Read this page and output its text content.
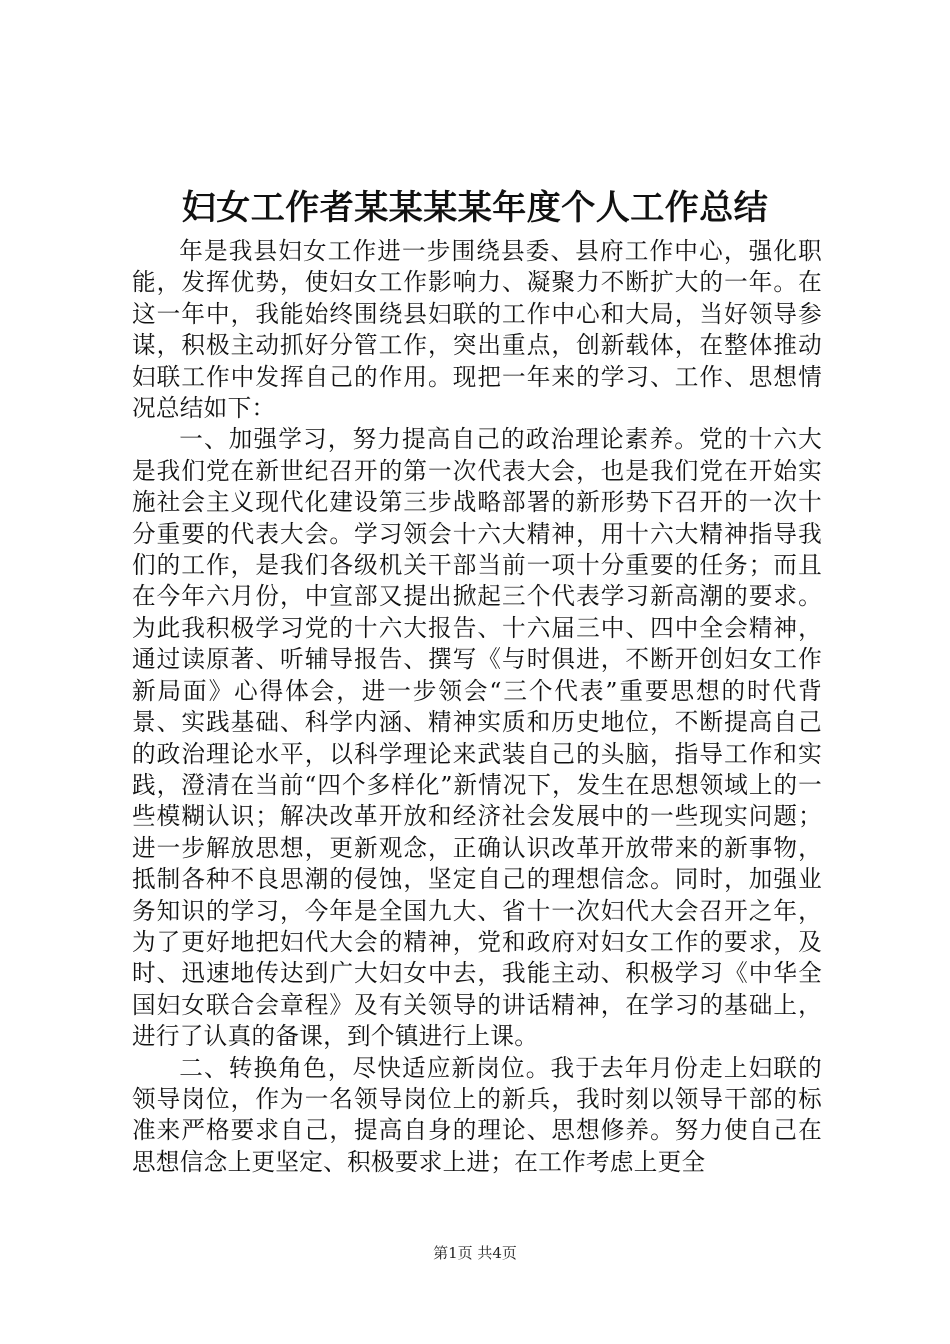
妇女工作者某某某某年度个人工作总结

年是我县妇女工作进一步围绕县委、县府工作中心，强化职能，发挥优势，使妇女工作影响力、凝聚力不断扩大的一年。在这一年中，我能始终围绕县妇联的工作中心和大局，当好领导参谋，积极主动抓好分管工作，突出重点，创新载体，在整体推动妇联工作中发挥自己的作用。现把一年来的学习、工作、思想情况总结如下：

一、加强学习，努力提高自己的政治理论素养。党的十六大是我们党在新世纪召开的第一次代表大会，也是我们党在开始实施社会主义现代化建设第三步战略部署的新形势下召开的一次十分重要的代表大会。学习领会十六大精神，用十六大精神指导我们的工作，是我们各级机关干部当前一项十分重要的任务；而且在今年六月份，中宣部又提出掀起三个代表学习新高潮的要求。为此我积极学习党的十六大报告、十六届三中、四中全会精神，通过读原著、听辅导报告、撰写《与时俱进，不断开创妇女工作新局面》心得体会，进一步领会“三个代表”重要思想的时代背景、实践基础、科学内涵、精神实质和历史地位，不断提高自己的政治理论水平，以科学理论来武装自己的头脑，指导工作和实践，澄清在当前“四个多样化”新情况下，发生在思想领域上的一些模糊认识；解决改革开放和经济社会发展中的一些现实问题；进一步解放思想，更新观念，正确认识改革开放带来的新事物，抵制各种不良思潮的侵蚀，坚定自己的理想信念。同时，加强业务知识的学习，今年是全国九大、省十一次妇代大会召开之年，为了更好地把妇代大会的精神，党和政府对妇女工作的要求，及时、迅速地传达到广大妇女中去，我能主动、积极学习《中华全国妇女联合会章程》及有关领导的讲话精神，在学习的基础上，进行了认真的备课，到个镇进行上课。

二、转换角色，尽快适应新岗位。我于去年月份走上妇联的领导岗位，作为一名领导岗位上的新兵，我时刻以领导干部的标准来严格要求自己，提高自身的理论、思想修养。努力使自己在思想信念上更坚定、积极要求上进；在工作考虑上更全

第1页 共4页
